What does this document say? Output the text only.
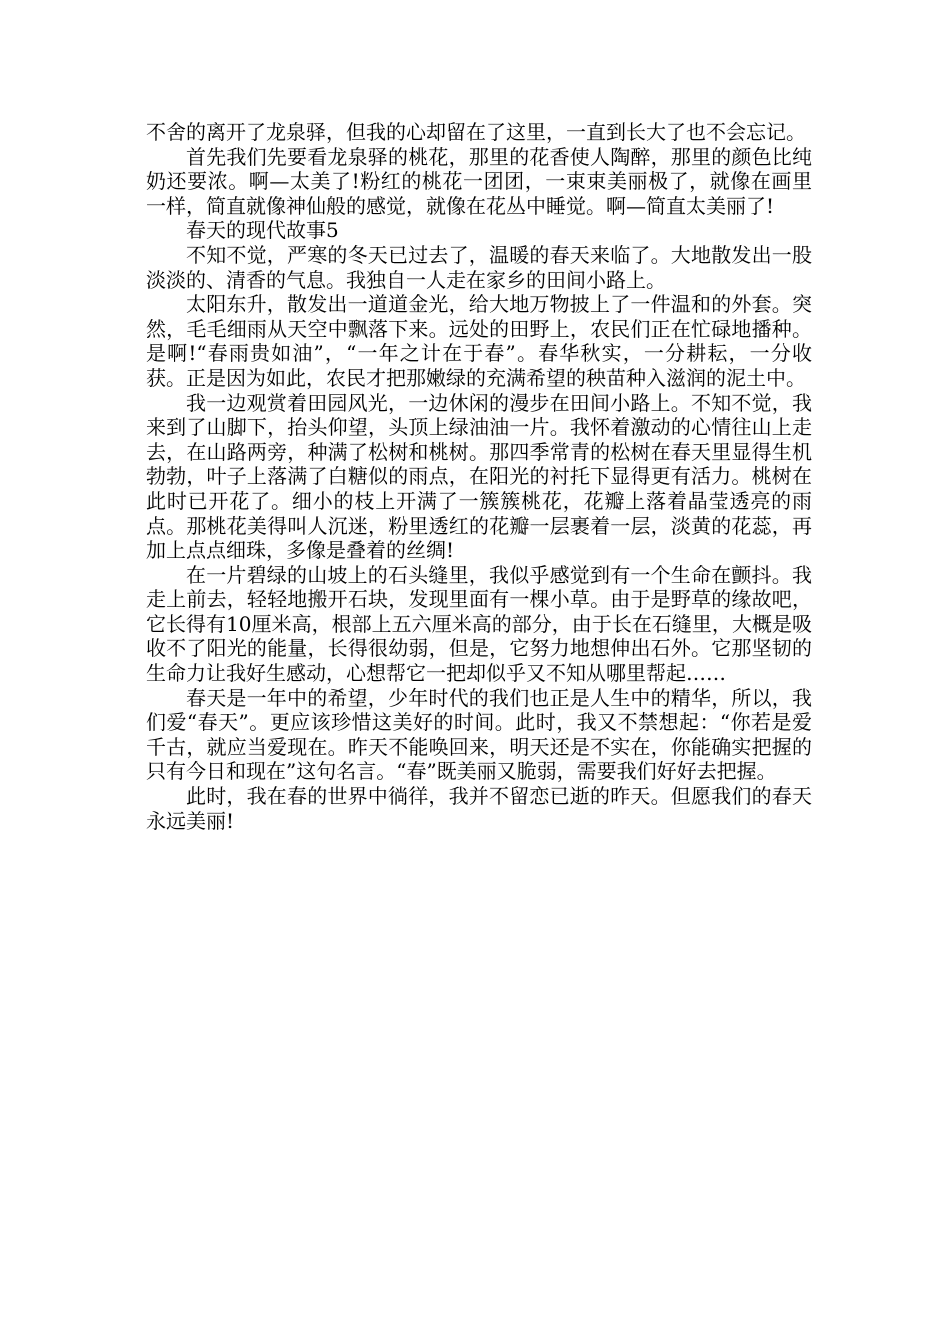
不舍的离开了龙泉驿，但我的心却留在了这里，一直到长大了也不会忘记。

首先我们先要看龙泉驿的桃花，那里的花香使人陶醉，那里的颜色比纯奶还要浓。啊—太美了!粉红的桃花一团团，一束束美丽极了，就像在画里一样，简直就像神仙般的感觉，就像在花丛中睡觉。啊—简直太美丽了!

春天的现代故事5

不知不觉，严寒的冬天已过去了，温暖的春天来临了。大地散发出一股淡淡的、清香的气息。我独自一人走在家乡的田间小路上。

太阳东升，散发出一道道金光，给大地万物披上了一件温和的外套。突然，毛毛细雨从天空中飘落下来。远处的田野上，农民们正在忙碌地播种。是啊!“春雨贵如油”，“一年之计在于春”。春华秋实，一分耕耘，一分收获。正是因为如此，农民才把那嫩绿的充满希望的秧苗种入滋润的泥土中。

我一边观赏着田园风光，一边休闲的漫步在田间小路上。不知不觉，我来到了山脚下，抬头仰望，头顶上绿油油一片。我怀着激动的心情往山上走去，在山路两旁，种满了松树和桃树。那四季常青的松树在春天里显得生机勃勃，叶子上落满了白糖似的雨点，在阳光的衬托下显得更有活力。桃树在此时已开花了。细小的枝上开满了一簇簇桃花，花瓣上落着晶莹透亮的雨点。那桃花美得叫人沉迷，粉里透红的花瓣一层裹着一层，淡黄的花蕊，再加上点点细珠，多像是叠着的丝绸!

在一片碧绿的山坡上的石头缝里，我似乎感觉到有一个生命在颤抖。我走上前去，轻轻地搬开石块，发现里面有一棵小草。由于是野草的缘故吧，它长得有10厘米高，根部上五六厘米高的部分，由于长在石缝里，大概是吸收不了阳光的能量，长得很幼弱，但是，它努力地想伸出石外。它那坚韧的生命力让我好生感动，心想帮它一把却似乎又不知从哪里帮起……

春天是一年中的希望，少年时代的我们也正是人生中的精华，所以，我们爱“春天”。更应该珍惜这美好的时间。此时，我又不禁想起：“你若是爱千古，就应当爱现在。昨天不能唤回来，明天还是不实在，你能确实把握的只有今日和现在”这句名言。“春”既美丽又脆弱，需要我们好好去把握。

此时，我在春的世界中徜徉，我并不留恋已逝的昨天。但愿我们的春天永远美丽!
